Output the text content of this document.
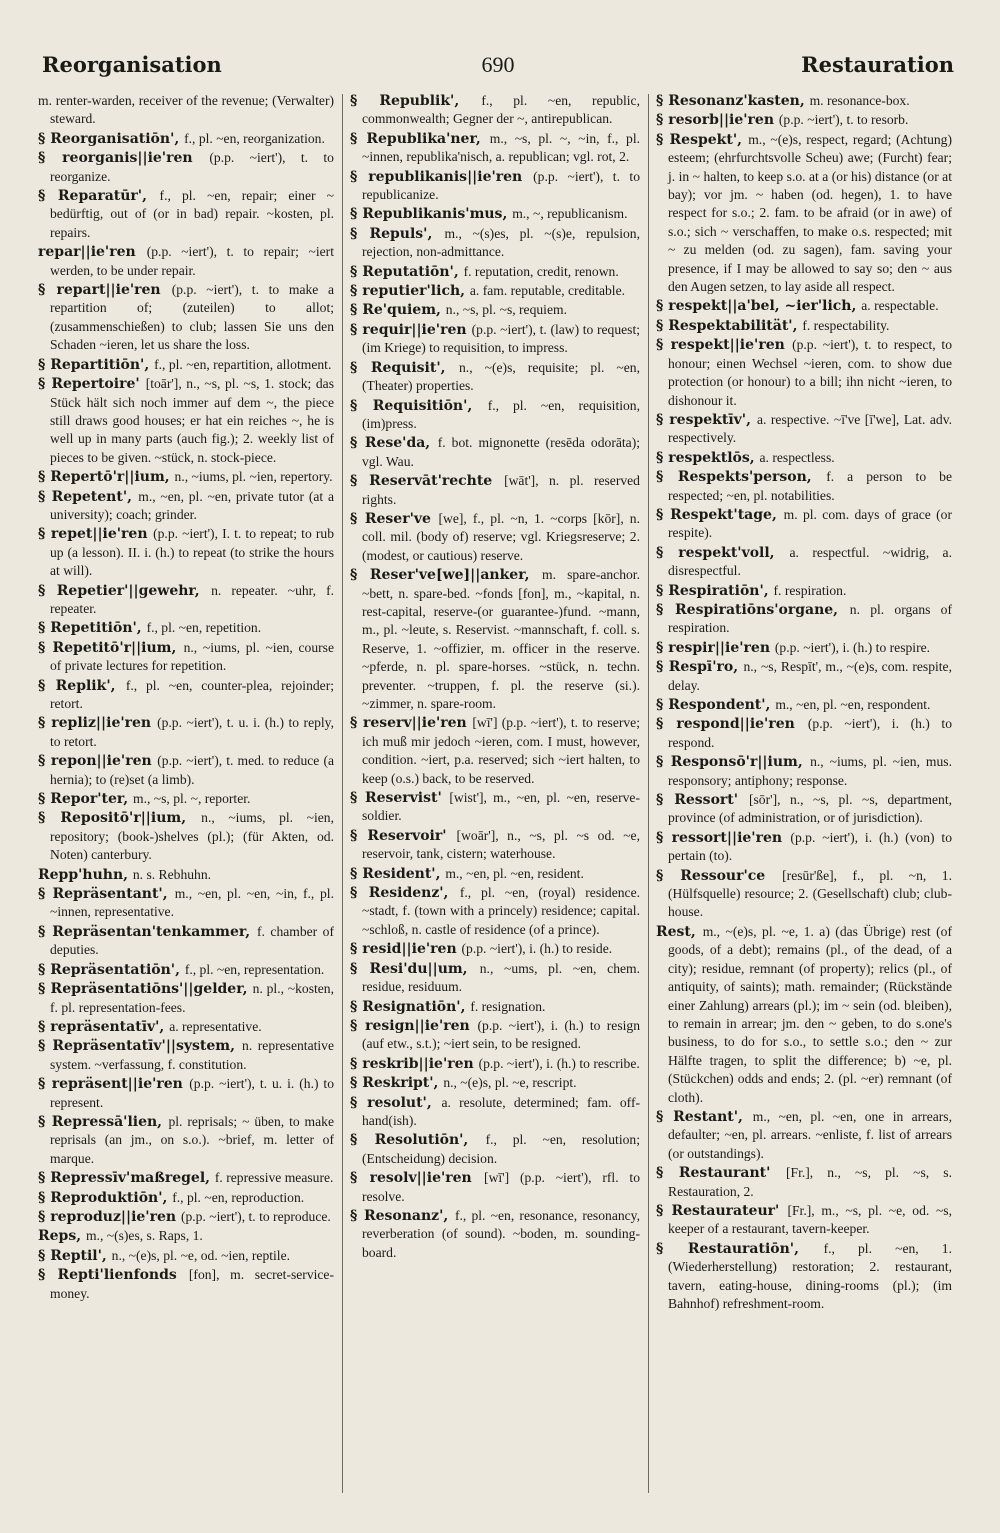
Reorganisation	690	Restauration
m. renter-warden, receiver of the revenue; (Verwalter) steward.
§ Reorganisatiōn', f., pl. ~en, reorganization.
§ reorganis||ie'ren (p.p. ~iert'), t. to reorganize.
§ Reparatūr', f., pl. ~en, repair; einer ~ bedürftig, out of (or in bad) repair. ~kosten, pl. repairs.
repar||ie'ren (p.p. ~iert'), t. to repair; ~iert werden, to be under repair.
§ repart||ie'ren (p.p. ~iert'), t. to make a repartition of; (zuteilen) to allot; (zusammenschießen) to club; lassen Sie uns den Schaden ~ieren, let us share the loss.
§ Repartitiōn', f., pl. ~en, repartition, allotment.
§ Repertoire' [toār'], n., ~s, pl. ~s, 1. stock; das Stück hält sich noch immer auf dem ~, the piece still draws good houses; er hat ein reiches ~, he is well up in many parts (auch fig.); 2. weekly list of pieces to be given. ~stück, n. stock-piece.
§ Repertō'r||ium, n., ~iums, pl. ~ien, repertory.
§ Repetent', m., ~en, pl. ~en, private tutor (at a university); coach; grinder.
§ repet||ie'ren (p.p. ~iert'), I. t. to repeat; to rub up (a lesson). II. i. (h.) to repeat (to strike the hours at will).
§ Repetier'||gewehr, n. repeater. ~uhr, f. repeater.
§ Repetitiōn', f., pl. ~en, repetition.
§ Repetitō'r||ium, n., ~iums, pl. ~ien, course of private lectures for repetition.
§ Replik', f., pl. ~en, counter-plea, rejoinder; retort.
§ repliz||ie'ren (p.p. ~iert'), t. u. i. (h.) to reply, to retort.
§ repon||ie'ren (p.p. ~iert'), t. med. to reduce (a hernia); to (re)set (a limb).
§ Repor'ter, m., ~s, pl. ~, reporter.
§ Repositō'r||ium, n., ~iums, pl. ~ien, repository; (book-)shelves (pl.); (für Akten, od. Noten) canterbury.
Repp'huhn, n. s. Rebhuhn.
§ Repräsentant', m., ~en, pl. ~en, ~in, f., pl. ~innen, representative.
§ Repräsentan'tenkammer, f. chamber of deputies.
§ Repräsentatiōn', f., pl. ~en, representation.
§ Repräsentatiōns'||gelder, n. pl., ~kosten, f. pl. representation-fees.
§ repräsentatīv', a. representative.
§ Repräsentatīv'||system, n. representative system. ~verfassung, f. constitution.
§ repräsent||ie'ren (p.p. ~iert'), t. u. i. (h.) to represent.
§ Repressā'lien, pl. reprisals; ~ üben, to make reprisals (an jm., on s.o.). ~brief, m. letter of marque.
§ Repressīv'maßregel, f. repressive measure.
§ Reproduktiōn', f., pl. ~en, reproduction.
§ reproduz||ie'ren (p.p. ~iert'), t. to reproduce.
Reps, m., ~(s)es, s. Raps, 1.
§ Reptil', n., ~(e)s, pl. ~e, od. ~ien, reptile.
§ Repti'lienfonds [fon], m. secret-service-money.
§ Republik', f., pl. ~en, republic, commonwealth; Gegner der ~, antirepublican.
§ Republika'ner, m., ~s, pl. ~, ~in, f., pl. ~innen, republika'nisch, a. republican; vgl. rot, 2.
§ republikanis||ie'ren (p.p. ~iert'), t. to republicanize.
§ Republikanis'mus, m., ~, republicanism.
§ Repuls', m., ~(s)es, pl. ~(s)e, repulsion, rejection, non-admittance.
§ Reputatiōn', f. reputation, credit, renown.
§ reputier'lich, a. fam. reputable, creditable.
§ Re'quiem, n., ~s, pl. ~s, requiem.
§ requir||ie'ren (p.p. ~iert'), t. (law) to request; (im Kriege) to requisition, to impress.
§ Requisit', n., ~(e)s, requisite; pl. ~en, (Theater) properties.
§ Requisitiōn', f., pl. ~en, requisition, (im)press.
§ Rese'da, f. bot. mignonette (resēda odorāta); vgl. Wau.
§ Reservāt'rechte [wāt'], n. pl. reserved rights.
§ Reser've [we], f., pl. ~n, 1. ~corps [kōr], n. coll. mil. (body of) reserve; vgl. Kriegsreserve; 2. (modest, or cautious) reserve.
§ Reser've[we]||anker, m. spare-anchor. ~bett, n. spare-bed. ~fonds [fon], m., ~kapital, n. rest-capital, reserve-(or guarantee-)fund. ~mann, m., pl. ~leute, s. Reservist. ~mannschaft, f. coll. s. Reserve, 1. ~offizier, m. officer in the reserve. ~pferde, n. pl. spare-horses. ~stück, n. techn. preventer. ~truppen, f. pl. the reserve (si.). ~zimmer, n. spare-room.
§ reserv||ie'ren [wī'] (p.p. ~iert'), t. to reserve; ich muß mir jedoch ~ieren, com. I must, however, condition. ~iert, p.a. reserved; sich ~iert halten, to keep (o.s.) back, to be reserved.
§ Reservist' [wist'], m., ~en, pl. ~en, reserve-soldier.
§ Reservoir' [woār'], n., ~s, pl. ~s od. ~e, reservoir, tank, cistern; waterhouse.
§ Resident', m., ~en, pl. ~en, resident.
§ Residenz', f., pl. ~en, (royal) residence. ~stadt, f. (town with a princely) residence; capital. ~schloß, n. castle of residence (of a prince).
§ resid||ie'ren (p.p. ~iert'), i. (h.) to reside.
§ Resi'du||um, n., ~ums, pl. ~en, chem. residue, residuum.
§ Resignatiōn', f. resignation.
§ resign||ie'ren (p.p. ~iert'), i. (h.) to resign (auf etw., s.t.); ~iert sein, to be resigned.
§ reskrib||ie'ren (p.p. ~iert'), i. (h.) to rescribe.
§ Reskript', n., ~(e)s, pl. ~e, rescript.
§ resolut', a. resolute, determined; fam. off-hand(ish).
§ Resolutiōn', f., pl. ~en, resolution; (Entscheidung) decision.
§ resolv||ie'ren [wī'] (p.p. ~iert'), rfl. to resolve.
§ Resonanz', f., pl. ~en, resonance, resonancy, reverberation (of sound). ~boden, m. sounding-board.
§ Resonanz'kasten, m. resonance-box.
§ resorb||ie'ren (p.p. ~iert'), t. to resorb.
§ Respekt', m., ~(e)s, respect, regard; (Achtung) esteem; (ehrfurchtsvolle Scheu) awe; (Furcht) fear; j. in ~ halten, to keep s.o. at a (or his) distance (or at bay); vor jm. ~ haben (od. hegen), 1. to have respect for s.o.; 2. fam. to be afraid (or in awe) of s.o.; sich ~ verschaffen, to make o.s. respected; mit ~ zu melden (od. zu sagen), fam. saving your presence, if I may be allowed to say so; den ~ aus den Augen setzen, to lay aside all respect.
§ respekt||a'bel, ~ier'lich, a. respectable.
§ Respektabilität', f. respectability.
§ respekt||ie'ren (p.p. ~iert'), t. to respect, to honour; einen Wechsel ~ieren, com. to show due protection (or honour) to a bill; ihn nicht ~ieren, to dishonour it.
§ respektīv', a. respective. ~ī've [ī'we], Lat. adv. respectively.
§ respektlōs, a. respectless.
§ Respekts'person, f. a person to be respected; ~en, pl. notabilities.
§ Respekt'tage, m. pl. com. days of grace (or respite).
§ respekt'voll, a. respectful. ~widrig, a. disrespectful.
§ Respiratiōn', f. respiration.
§ Respiratiōns'organe, n. pl. organs of respiration.
§ respir||ie'ren (p.p. ~iert'), i. (h.) to respire.
§ Respī'ro, n., ~s, Respīt', m., ~(e)s, com. respite, delay.
§ Respondent', m., ~en, pl. ~en, respondent.
§ respond||ie'ren (p.p. ~iert'), i. (h.) to respond.
§ Responsō'r||ium, n., ~iums, pl. ~ien, mus. responsory; antiphony; response.
§ Ressort' [sōr'], n., ~s, pl. ~s, department, province (of administration, or of jurisdiction).
§ ressort||ie'ren (p.p. ~iert'), i. (h.) (von) to pertain (to).
§ Ressour'ce [resūr'ße], f., pl. ~n, 1. (Hülfsquelle) resource; 2. (Gesellschaft) club; club-house.
Rest, m., ~(e)s, pl. ~e, 1. a) (das Übrige) rest (of goods, of a debt); remains (pl., of the dead, of a city); residue, remnant (of property); relics (pl., of antiquity, of saints); math. remainder; (Rückstände einer Zahlung) arrears (pl.); im ~ sein (od. bleiben), to remain in arrear; jm. den ~ geben, to do s.one's business, to do for s.o., to settle s.o.; den ~ zur Hälfte tragen, to split the difference; b) ~e, pl. (Stückchen) odds and ends; 2. (pl. ~er) remnant (of cloth).
§ Restant', m., ~en, pl. ~en, one in arrears, defaulter; ~en, pl. arrears. ~enliste, f. list of arrears (or outstandings).
§ Restaurant' [Fr.], n., ~s, pl. ~s, s. Restauration, 2.
§ Restaurateur' [Fr.], m., ~s, pl. ~e, od. ~s, keeper of a restaurant, tavern-keeper.
§ Restauratiōn', f., pl. ~en, 1. (Wiederherstellung) restoration; 2. restaurant, tavern, eating-house, dining-rooms (pl.); (im Bahnhof) refreshment-room.
